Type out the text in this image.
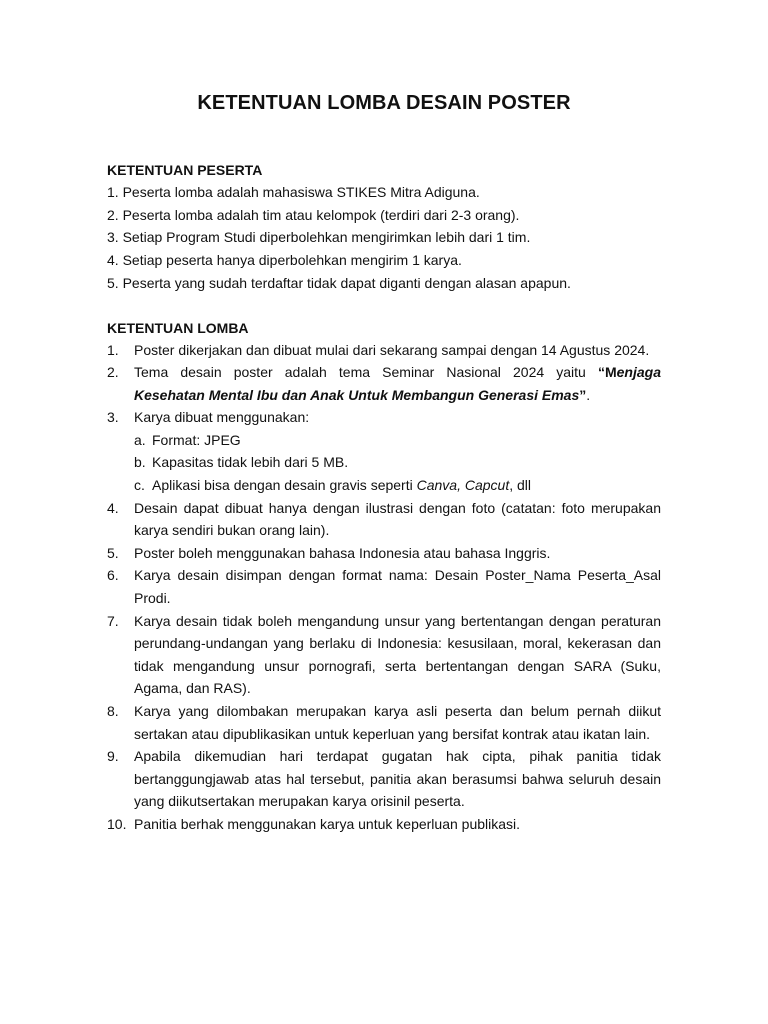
KETENTUAN LOMBA DESAIN POSTER
KETENTUAN PESERTA
1. Peserta lomba adalah mahasiswa STIKES Mitra Adiguna.
2. Peserta lomba adalah tim atau kelompok (terdiri dari 2-3 orang).
3. Setiap Program Studi diperbolehkan mengirimkan lebih dari 1 tim.
4. Setiap peserta hanya diperbolehkan mengirim 1 karya.
5. Peserta yang sudah terdaftar tidak dapat diganti dengan alasan apapun.
KETENTUAN LOMBA
1.	Poster dikerjakan dan dibuat mulai dari sekarang sampai dengan 14 Agustus 2024.
2.	Tema desain poster adalah tema Seminar Nasional 2024 yaitu “Menjaga Kesehatan Mental Ibu dan Anak Untuk Membangun Generasi Emas”.
3.	Karya dibuat menggunakan:
a. Format: JPEG
b. Kapasitas tidak lebih dari 5 MB.
c. Aplikasi bisa dengan desain gravis seperti Canva, Capcut, dll
4.	Desain dapat dibuat hanya dengan ilustrasi dengan foto (catatan: foto merupakan karya sendiri bukan orang lain).
5.	Poster boleh menggunakan bahasa Indonesia atau bahasa Inggris.
6.	Karya desain disimpan dengan format nama: Desain Poster_Nama Peserta_Asal Prodi.
7.	Karya desain tidak boleh mengandung unsur yang bertentangan dengan peraturan perundang-undangan yang berlaku di Indonesia: kesusilaan, moral, kekerasan dan tidak mengandung unsur pornografi, serta bertentangan dengan SARA (Suku, Agama, dan RAS).
8.	Karya yang dilombakan merupakan karya asli peserta dan belum pernah diikut sertakan atau dipublikasikan untuk keperluan yang bersifat kontrak atau ikatan lain.
9.	Apabila dikemudian hari terdapat gugatan hak cipta, pihak panitia tidak bertanggungjawab atas hal tersebut, panitia akan berasumsi bahwa seluruh desain yang diikutsertakan merupakan karya orisinil peserta.
10. Panitia berhak menggunakan karya untuk keperluan publikasi.
